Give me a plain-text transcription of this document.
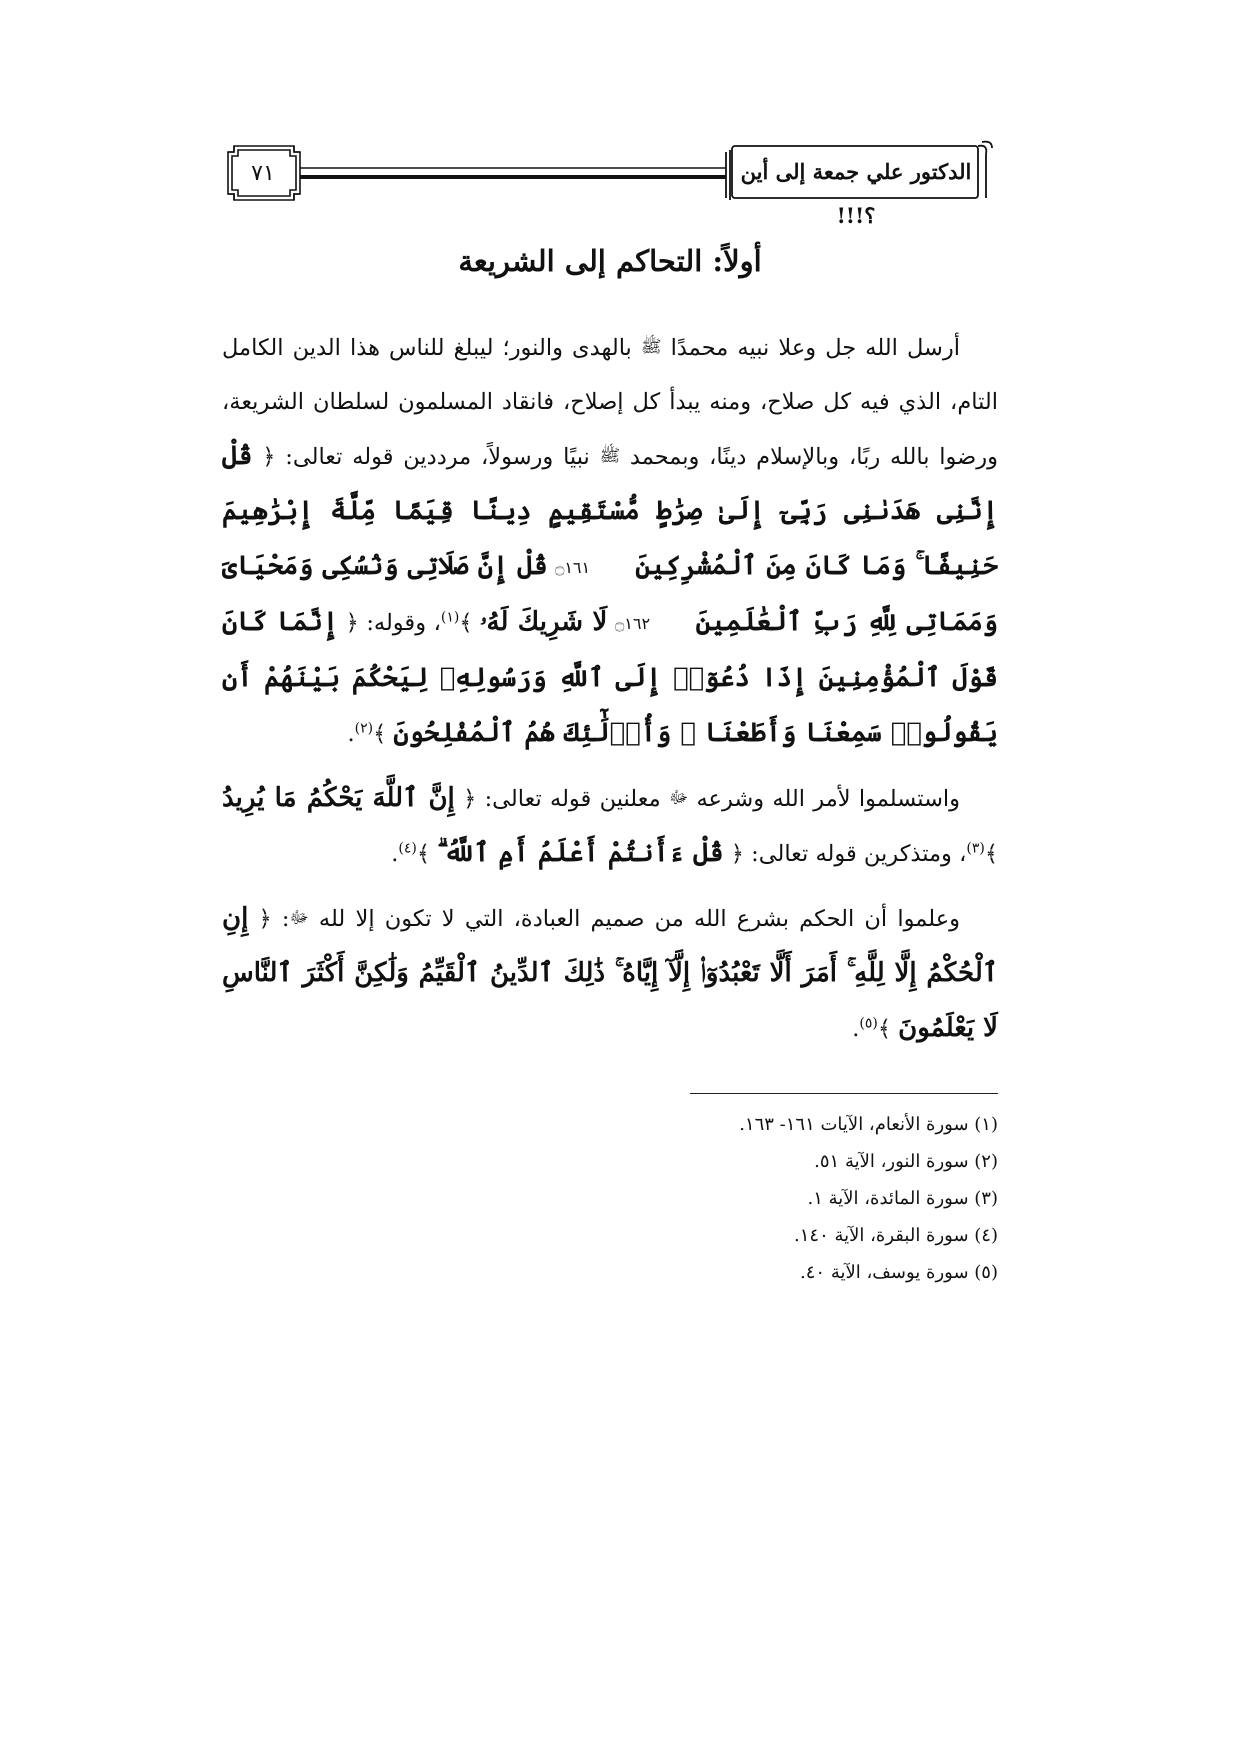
٧١	الدكتور علي جمعة إلى أين ؟!!!
أولاً: التحاكم إلى الشريعة

أرسل الله جل وعلا نبيه محمدًا ﷺ بالهدى والنور؛ ليبلغ للناس هذا الدين الكامل التام، الذي فيه كل صلاح، ومنه يبدأ كل إصلاح، فانقاد المسلمون لسلطان الشريعة، ورضوا بالله ربًا، وبالإسلام دينًا، وبمحمد ﷺ نبيًا ورسولاً، مرددين قوله تعالى: ﴿ قُلْ إِنَّنِى هَدَىٰنِى رَبِّىٓ إِلَىٰ صِرَٰطٍ مُّسْتَقِيمٍ دِينًا قِيَمًا مِّلَّةَ إِبْرَٰهِيمَ حَنِيفًا ۚ وَمَا كَانَ مِنَ ٱلْمُشْرِكِينَ ۝١٦١ قُلْ إِنَّ صَلَاتِى وَنُسُكِى وَمَحْيَاىَ وَمَمَاتِى لِلَّهِ رَبِّ ٱلْعَٰلَمِينَ ۝١٦٢ لَا شَرِيكَ لَهُۥ ﴾$^{(١)}$، وقوله: ﴿ إِنَّمَا كَانَ قَوْلَ ٱلْمُؤْمِنِينَ إِذَا دُعُوٓا۟ إِلَى ٱللَّهِ وَرَسُولِهِۦ لِيَحْكُمَ بَيْنَهُمْ أَن يَقُولُوا۟ سَمِعْنَا وَأَطَعْنَا ۚ وَأُو۟لَٰٓئِكَ هُمُ ٱلْمُفْلِحُونَ ﴾$^{(٢)}$.

واستسلموا لأمر الله وشرعه ﷻ معلنين قوله تعالى: ﴿ إِنَّ ٱللَّهَ يَحْكُمُ مَا يُرِيدُ ﴾$^{(٣)}$، ومتذكرين قوله تعالى: ﴿ قُلْ ءَأَنتُمْ أَعْلَمُ أَمِ ٱللَّهُ ۗ ﴾$^{(٤)}$.

وعلموا أن الحكم بشرع الله من صميم العبادة، التي لا تكون إلا لله ﷻ: ﴿ إِنِ ٱلْحُكْمُ إِلَّا لِلَّهِ ۚ أَمَرَ أَلَّا تَعْبُدُوٓا۟ إِلَّآ إِيَّاهُ ۚ ذَٰلِكَ ٱلدِّينُ ٱلْقَيِّمُ وَلَٰكِنَّ أَكْثَرَ ٱلنَّاسِ لَا يَعْلَمُونَ ﴾$^{(٥)}$.

(١) سورة الأنعام، الآيات ١٦١- ١٦٣.
(٢) سورة النور، الآية ٥١.
(٣) سورة المائدة، الآية ١.
(٤) سورة البقرة، الآية ١٤٠.
(٥) سورة يوسف، الآية ٤٠.
